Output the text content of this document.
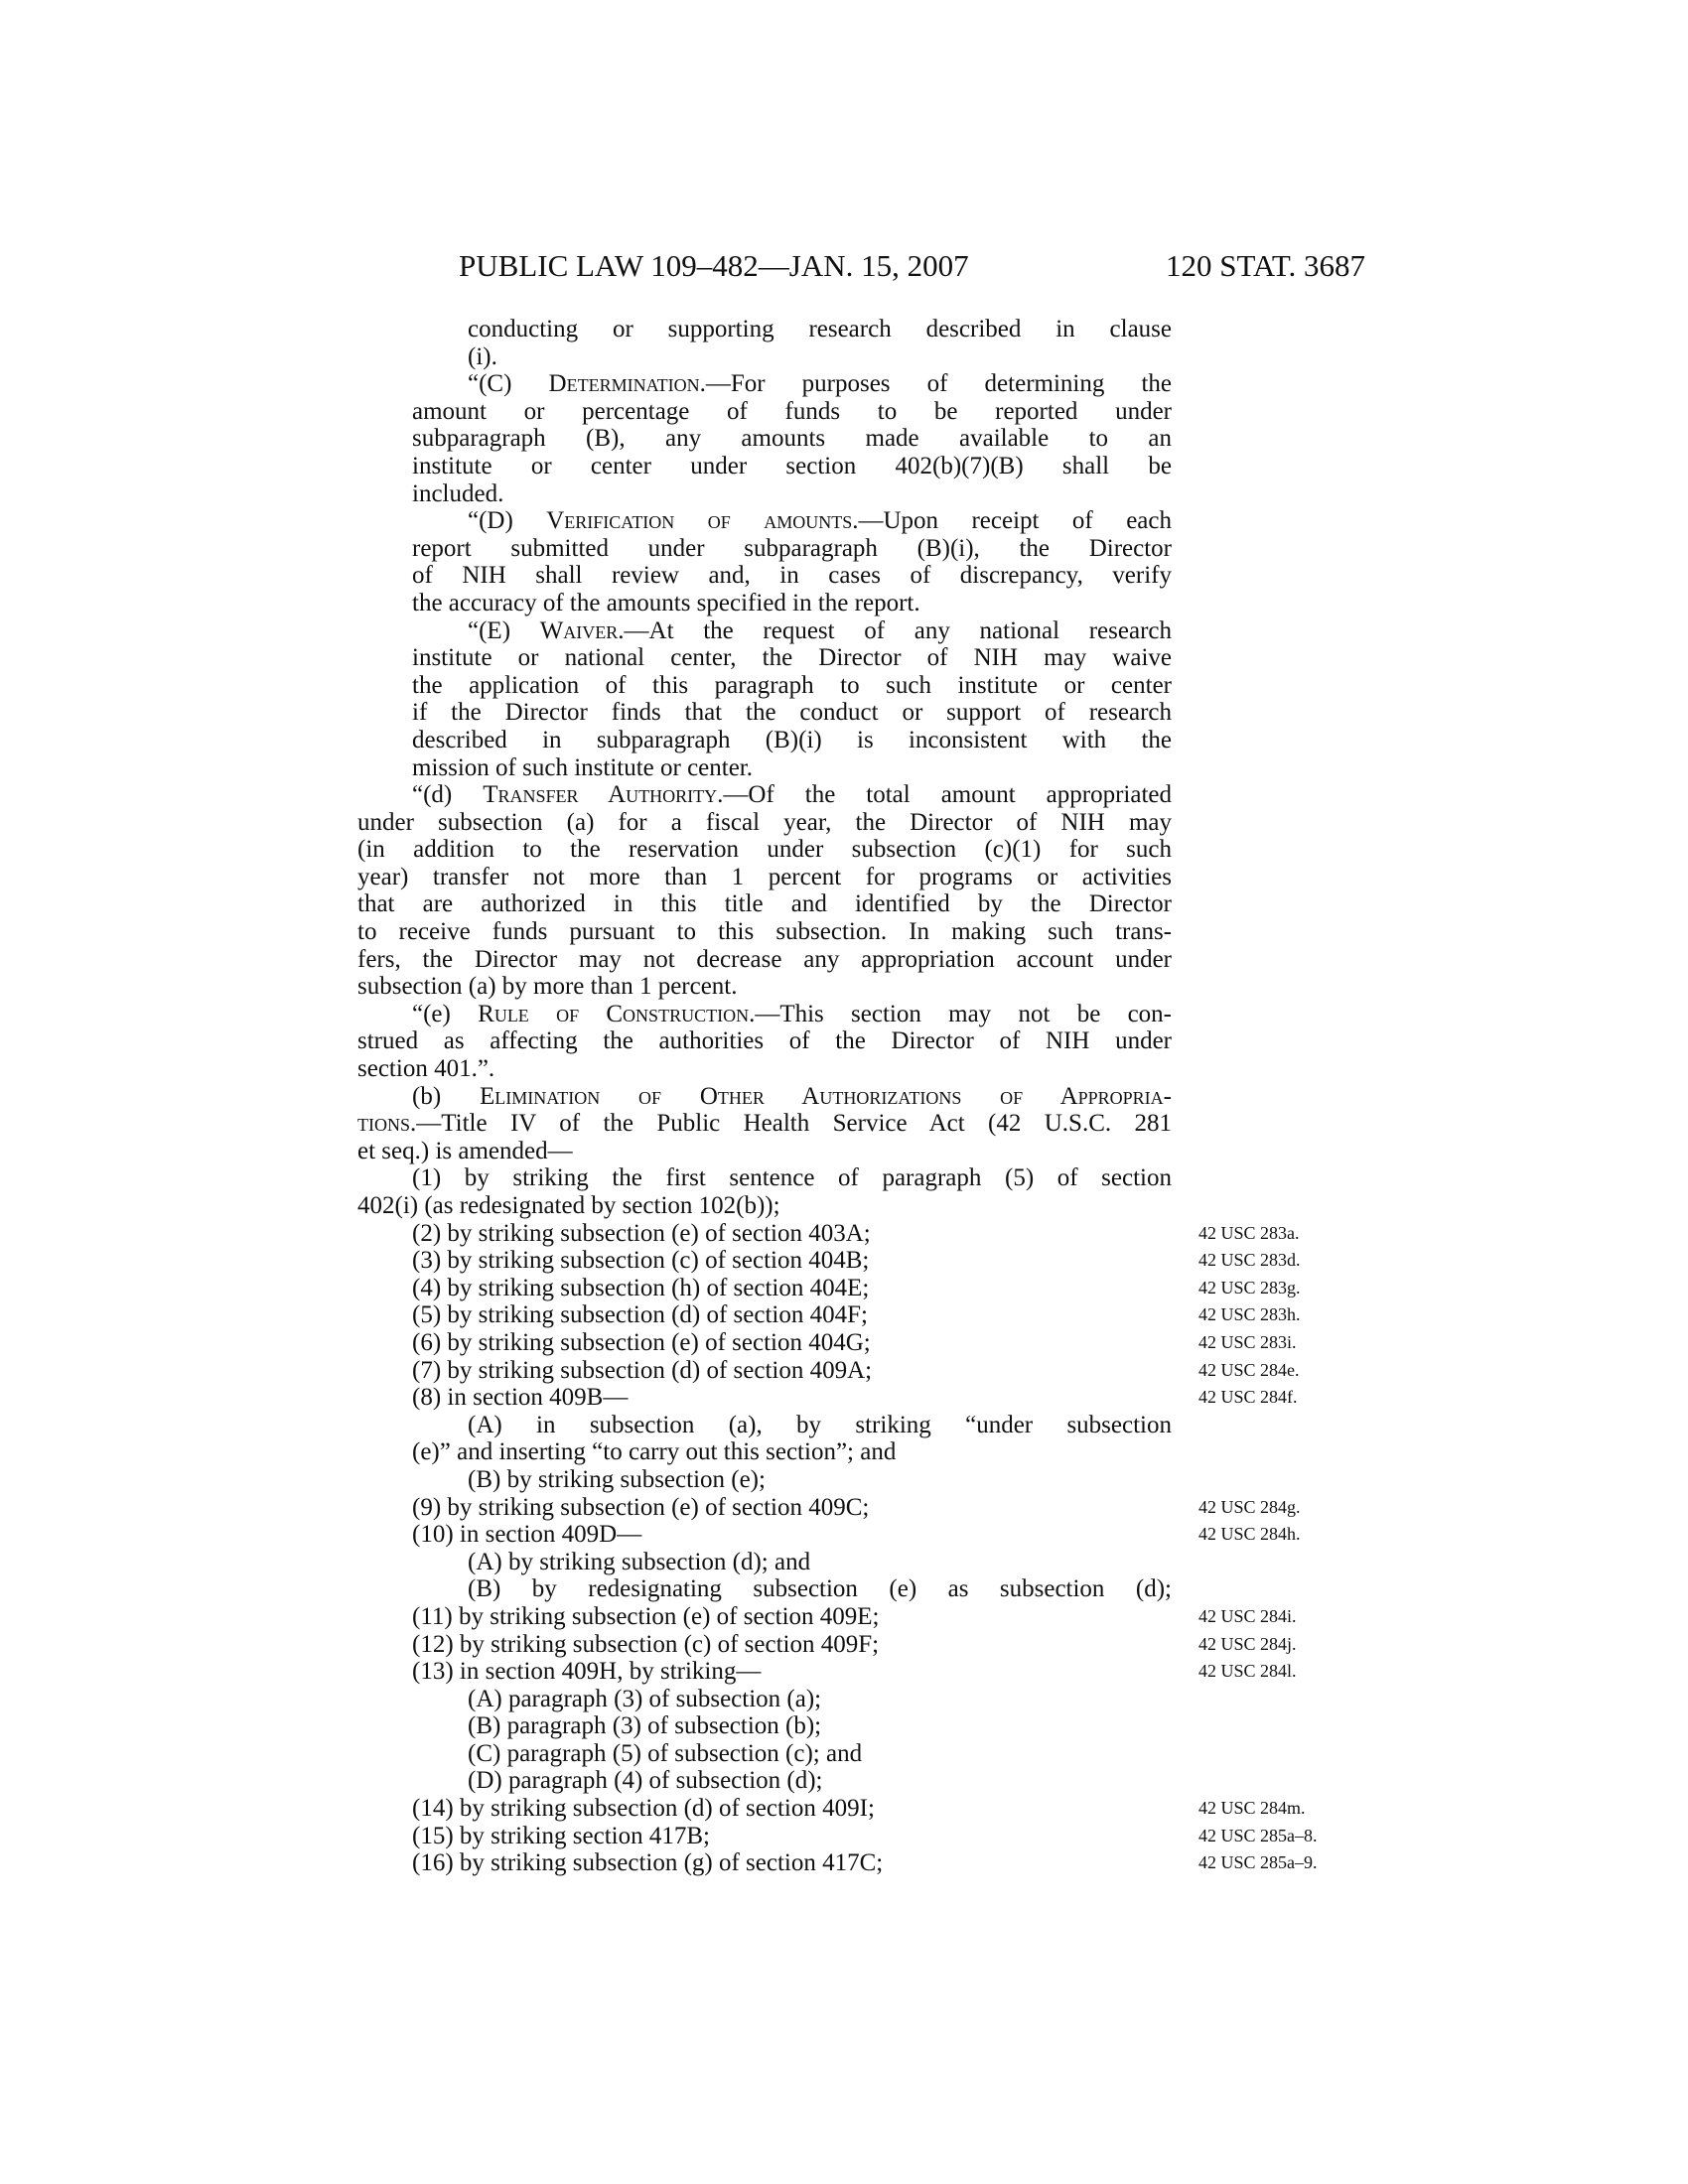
PUBLIC LAW 109–482—JAN. 15, 2007	120 STAT. 3687
conducting or supporting research described in clause
(i).
“(C) Determination.—For purposes of determining the
amount or percentage of funds to be reported under
subparagraph (B), any amounts made available to an
institute or center under section 402(b)(7)(B) shall be
included.
“(D) Verification of amounts.—Upon receipt of each
report submitted under subparagraph (B)(i), the Director
of NIH shall review and, in cases of discrepancy, verify
the accuracy of the amounts specified in the report.
“(E) Waiver.—At the request of any national research
institute or national center, the Director of NIH may waive
the application of this paragraph to such institute or center
if the Director finds that the conduct or support of research
described in subparagraph (B)(i) is inconsistent with the
mission of such institute or center.
“(d) Transfer Authority.—Of the total amount appropriated
under subsection (a) for a fiscal year, the Director of NIH may
(in addition to the reservation under subsection (c)(1) for such
year) transfer not more than 1 percent for programs or activities
that are authorized in this title and identified by the Director
to receive funds pursuant to this subsection. In making such trans-
fers, the Director may not decrease any appropriation account under
subsection (a) by more than 1 percent.
“(e) Rule of Construction.—This section may not be con-
strued as affecting the authorities of the Director of NIH under
section 401.”.
(b) Elimination of Other Authorizations of Appropria-
tions.—Title IV of the Public Health Service Act (42 U.S.C. 281
et seq.) is amended—
(1) by striking the first sentence of paragraph (5) of section
402(i) (as redesignated by section 102(b));
(2) by striking subsection (e) of section 403A;	42 USC 283a.
(3) by striking subsection (c) of section 404B;	42 USC 283d.
(4) by striking subsection (h) of section 404E;	42 USC 283g.
(5) by striking subsection (d) of section 404F;	42 USC 283h.
(6) by striking subsection (e) of section 404G;	42 USC 283i.
(7) by striking subsection (d) of section 409A;	42 USC 284e.
(8) in section 409B—	42 USC 284f.
(A) in subsection (a), by striking “under subsection
(e)” and inserting “to carry out this section”; and
(B) by striking subsection (e);
(9) by striking subsection (e) of section 409C;	42 USC 284g.
(10) in section 409D—	42 USC 284h.
(A) by striking subsection (d); and
(B) by redesignating subsection (e) as subsection (d);
(11) by striking subsection (e) of section 409E;	42 USC 284i.
(12) by striking subsection (c) of section 409F;	42 USC 284j.
(13) in section 409H, by striking—	42 USC 284l.
(A) paragraph (3) of subsection (a);
(B) paragraph (3) of subsection (b);
(C) paragraph (5) of subsection (c); and
(D) paragraph (4) of subsection (d);
(14) by striking subsection (d) of section 409I;	42 USC 284m.
(15) by striking section 417B;	42 USC 285a–8.
(16) by striking subsection (g) of section 417C;	42 USC 285a–9.
